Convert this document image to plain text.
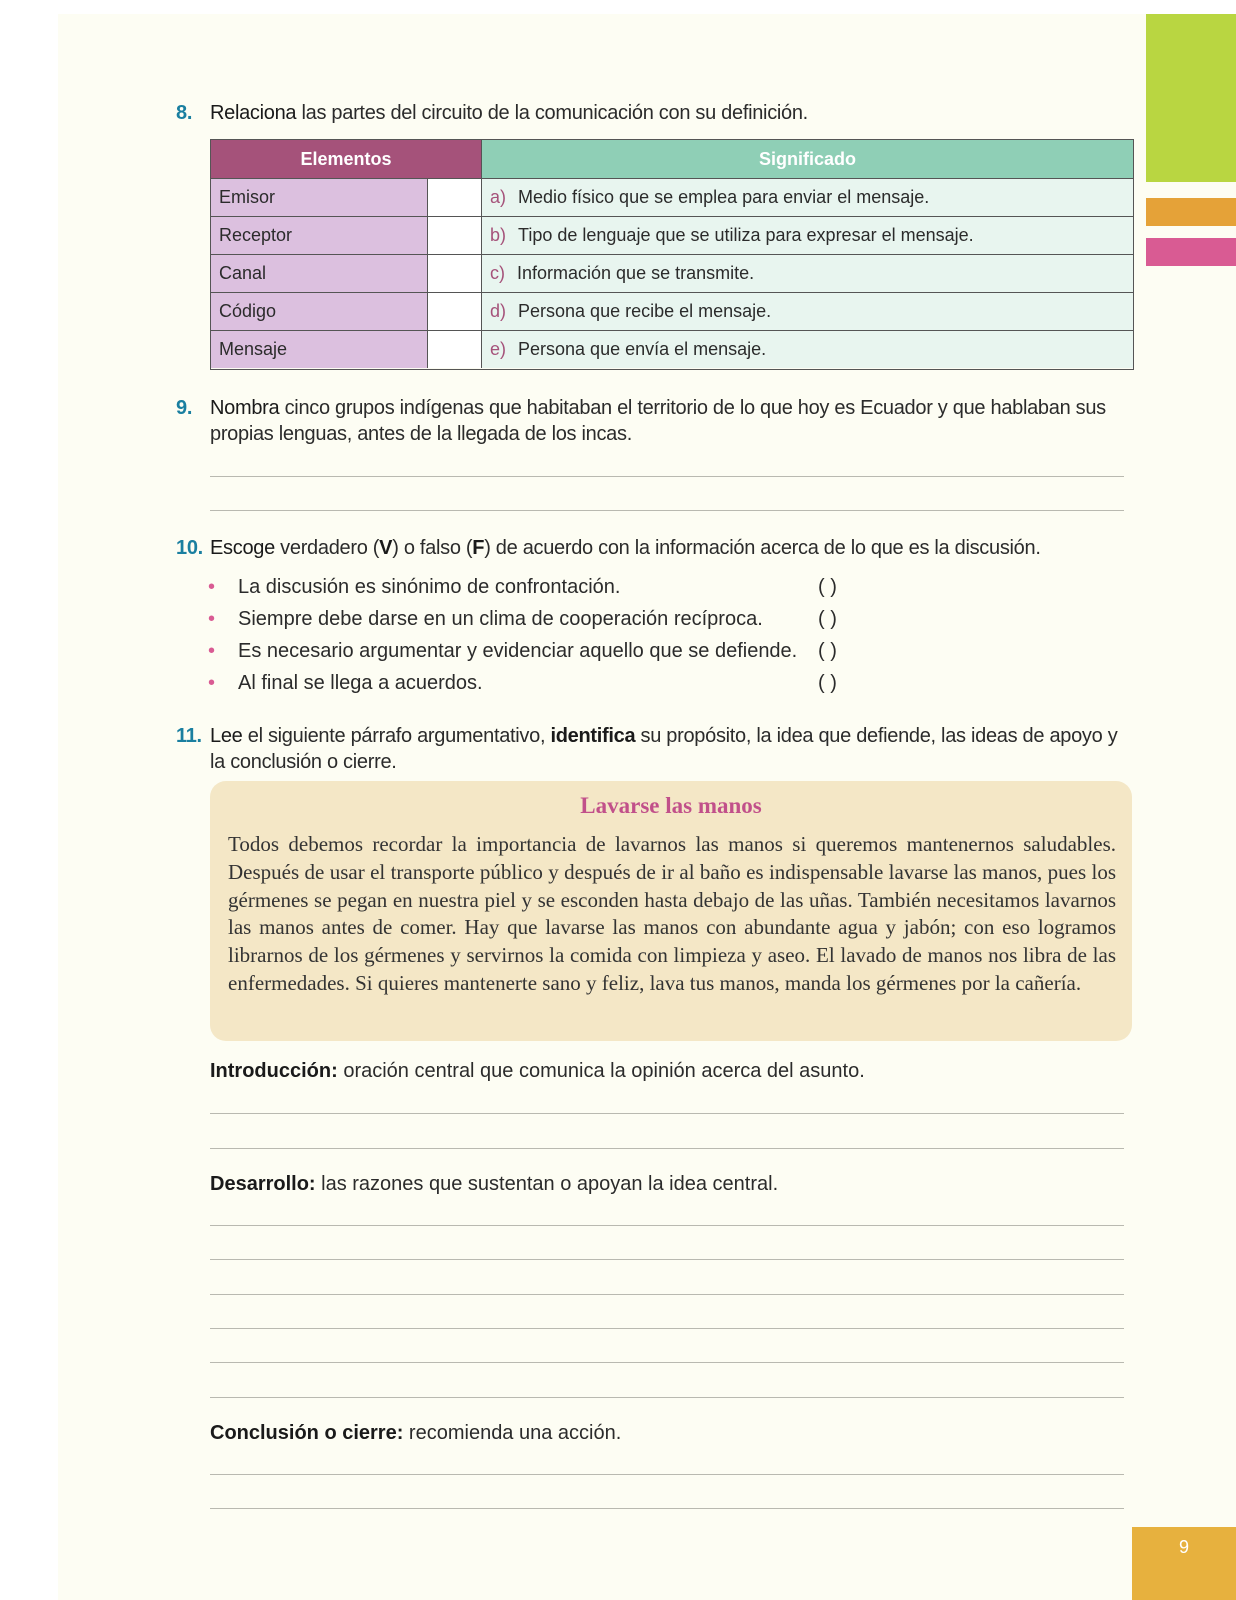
9
8. Relaciona las partes del circuito de la comunicación con su definición.
Elementos	Significado
Emisor	a) Medio físico que se emplea para enviar el mensaje.
Receptor	b) Tipo de lenguaje que se utiliza para expresar el mensaje.
Canal	c) Información que se transmite.
Código	d) Persona que recibe el mensaje.
Mensaje	e) Persona que envía el mensaje.
9. Nombra cinco grupos indígenas que habitaban el territorio de lo que hoy es Ecuador y que hablaban sus propias lenguas, antes de la llegada de los incas.
10. Escoge verdadero (V) o falso (F) de acuerdo con la información acerca de lo que es la discusión.
• La discusión es sinónimo de confrontación.	( )
• Siempre debe darse en un clima de cooperación recíproca.	( )
• Es necesario argumentar y evidenciar aquello que se defiende. ( )
• Al final se llega a acuerdos.	( )
11. Lee el siguiente párrafo argumentativo, identifica su propósito, la idea que defiende, las ideas de apoyo y la conclusión o cierre.
Lavarse las manos
Todos debemos recordar la importancia de lavarnos las manos si queremos mantenernos saludables. Después de usar el transporte público y después de ir al baño es indispensable lavarse las manos, pues los gérmenes se pegan en nuestra piel y se esconden hasta debajo de las uñas. También necesitamos lavarnos las manos antes de comer. Hay que lavarse las manos con abundante agua y jabón; con eso logramos librarnos de los gérmenes y servirnos la comida con limpieza y aseo. El lavado de manos nos libra de las enfermedades. Si quieres mantenerte sano y feliz, lava tus manos, manda los gérmenes por la cañería.
Introducción: oración central que comunica la opinión acerca del asunto.
Desarrollo: las razones que sustentan o apoyan la idea central.
Conclusión o cierre: recomienda una acción.
